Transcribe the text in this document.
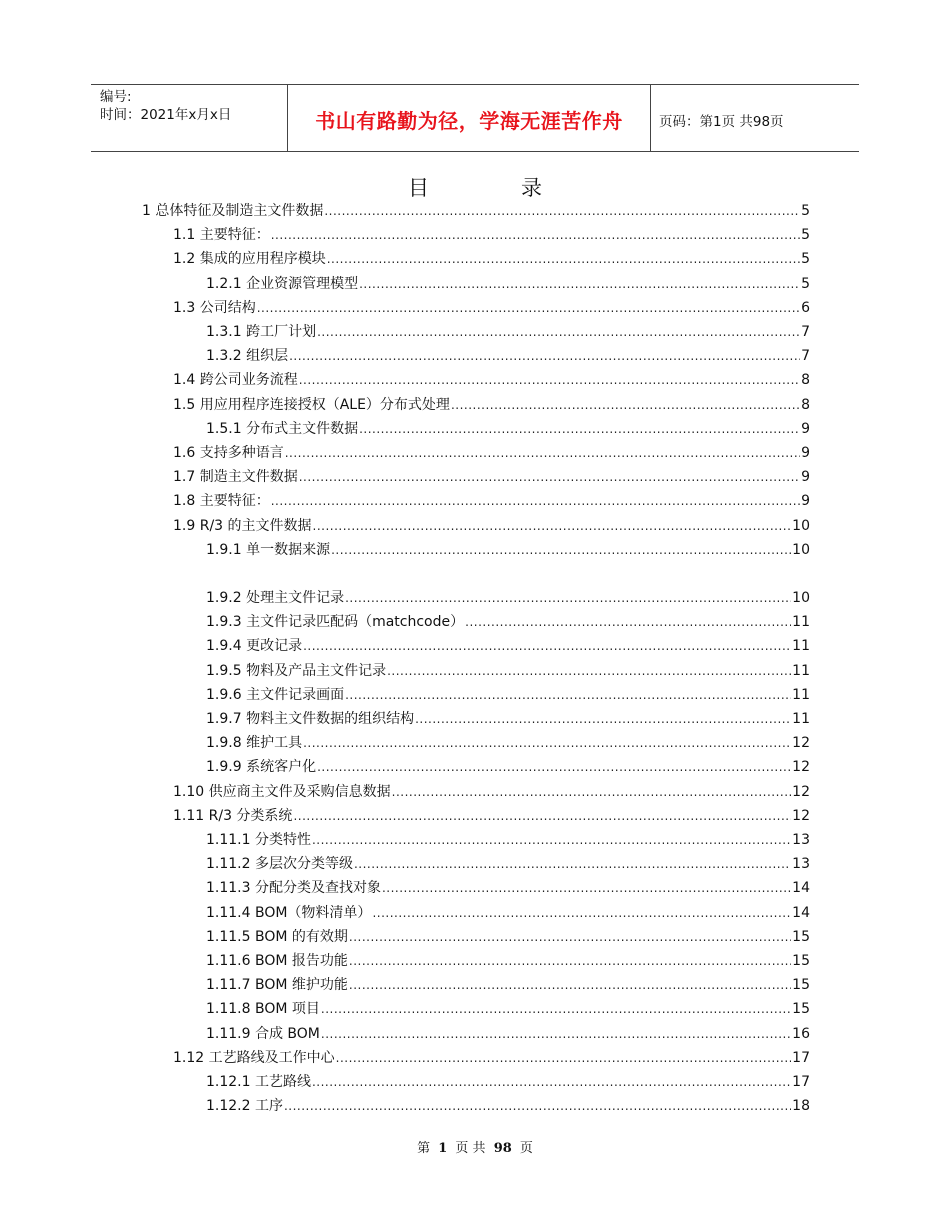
编号:
时间：2021年x月x日	书山有路勤为径，学海无涯苦作舟	页码：第1页 共98页
目	录
1 总体特征及制造主文件数据 .....	5
1.1 主要特征： .....	5
1.2 集成的应用程序模块 .....	5
1.2.1 企业资源管理模型 .....	5
1.3 公司结构 .....	6
1.3.1 跨工厂计划 .....	7
1.3.2 组织层 .....	7
1.4 跨公司业务流程 .....	8
1.5 用应用程序连接授权（ALE）分布式处理 .....	8
1.5.1 分布式主文件数据 .....	9
1.6 支持多种语言 .....	9
1.7 制造主文件数据 .....	9
1.8 主要特征： .....	9
1.9 R/3 的主文件数据 .....	10
1.9.1 单一数据来源 .....	10
1.9.2 处理主文件记录 .....	10
1.9.3 主文件记录匹配码（matchcode） .....	11
1.9.4 更改记录 .....	11
1.9.5 物料及产品主文件记录 .....	11
1.9.6 主文件记录画面 .....	11
1.9.7 物料主文件数据的组织结构 .....	11
1.9.8 维护工具 .....	12
1.9.9 系统客户化 .....	12
1.10 供应商主文件及采购信息数据 .....	12
1.11 R/3 分类系统 .....	12
1.11.1 分类特性 .....	13
1.11.2 多层次分类等级 .....	13
1.11.3 分配分类及查找对象 .....	14
1.11.4 BOM（物料清单） .....	14
1.11.5 BOM 的有效期 .....	15
1.11.6 BOM 报告功能 .....	15
1.11.7 BOM 维护功能 .....	15
1.11.8 BOM 项目 .....	15
1.11.9 合成 BOM .....	16
1.12 工艺路线及工作中心 .....	17
1.12.1 工艺路线 .....	17
1.12.2 工序 .....	18
第 1 页 共 98 页
